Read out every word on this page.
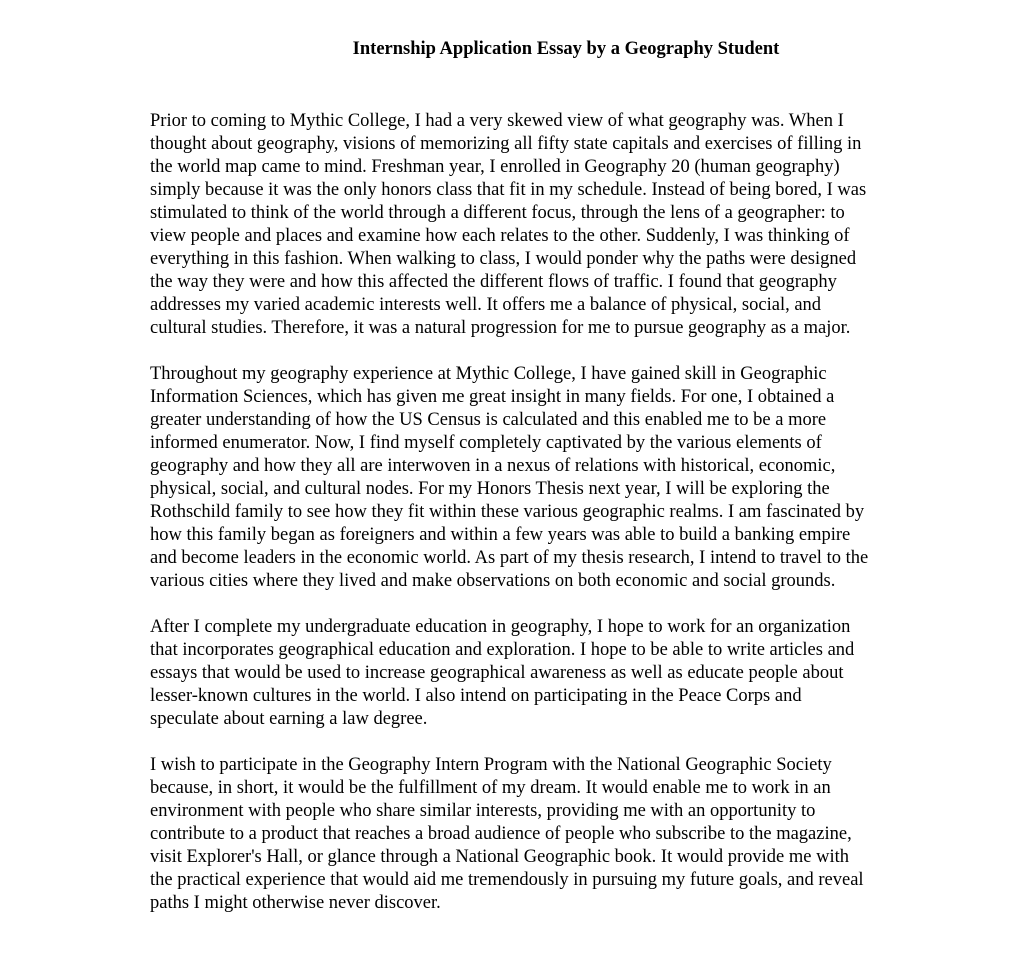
Internship Application Essay by a Geography Student

Prior to coming to Mythic College, I had a very skewed view of what geography was. When I
thought about geography, visions of memorizing all fifty state capitals and exercises of filling in
the world map came to mind. Freshman year, I enrolled in Geography 20 (human geography)
simply because it was the only honors class that fit in my schedule. Instead of being bored, I was
stimulated to think of the world through a different focus, through the lens of a geographer: to
view people and places and examine how each relates to the other. Suddenly, I was thinking of
everything in this fashion. When walking to class, I would ponder why the paths were designed
the way they were and how this affected the different flows of traffic. I found that geography
addresses my varied academic interests well. It offers me a balance of physical, social, and
cultural studies. Therefore, it was a natural progression for me to pursue geography as a major.

Throughout my geography experience at Mythic College, I have gained skill in Geographic
Information Sciences, which has given me great insight in many fields. For one, I obtained a
greater understanding of how the US Census is calculated and this enabled me to be a more
informed enumerator. Now, I find myself completely captivated by the various elements of
geography and how they all are interwoven in a nexus of relations with historical, economic,
physical, social, and cultural nodes. For my Honors Thesis next year, I will be exploring the
Rothschild family to see how they fit within these various geographic realms. I am fascinated by
how this family began as foreigners and within a few years was able to build a banking empire
and become leaders in the economic world. As part of my thesis research, I intend to travel to the
various cities where they lived and make observations on both economic and social grounds.

After I complete my undergraduate education in geography, I hope to work for an organization
that incorporates geographical education and exploration. I hope to be able to write articles and
essays that would be used to increase geographical awareness as well as educate people about
lesser-known cultures in the world. I also intend on participating in the Peace Corps and
speculate about earning a law degree.

I wish to participate in the Geography Intern Program with the National Geographic Society
because, in short, it would be the fulfillment of my dream. It would enable me to work in an
environment with people who share similar interests, providing me with an opportunity to
contribute to a product that reaches a broad audience of people who subscribe to the magazine,
visit Explorer's Hall, or glance through a National Geographic book. It would provide me with
the practical experience that would aid me tremendously in pursuing my future goals, and reveal
paths I might otherwise never discover.
